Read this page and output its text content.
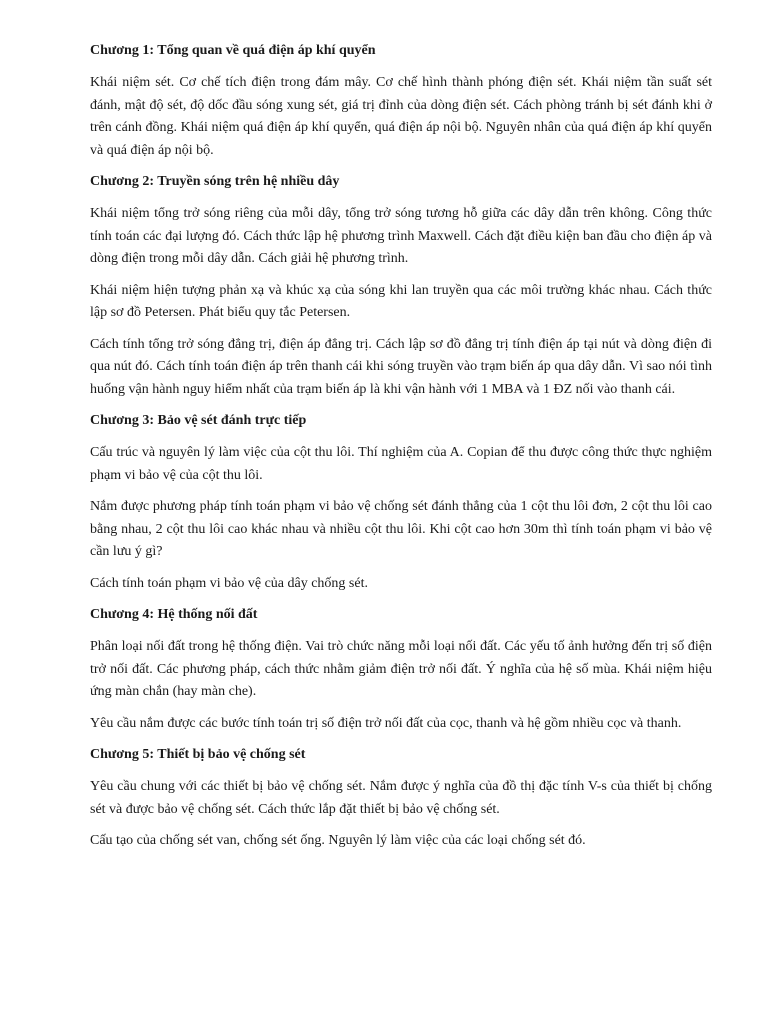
Chương 1: Tổng quan về quá điện áp khí quyển

Khái niệm sét. Cơ chế tích điện trong đám mây. Cơ chế hình thành phóng điện sét. Khái niệm tần suất sét đánh, mật độ sét, độ dốc đầu sóng xung sét, giá trị đỉnh của dòng điện sét. Cách phòng tránh bị sét đánh khi ở trên cánh đồng. Khái niệm quá điện áp khí quyển, quá điện áp nội bộ. Nguyên nhân của quá điện áp khí quyển và quá điện áp nội bộ.

Chương 2: Truyền sóng trên hệ nhiều dây

Khái niệm tổng trở sóng riêng của mỗi dây, tổng trở sóng tương hỗ giữa các dây dẫn trên không. Công thức tính toán các đại lượng đó. Cách thức lập hệ phương trình Maxwell. Cách đặt điều kiện ban đầu cho điện áp và dòng điện trong mỗi dây dẫn. Cách giải hệ phương trình.

Khái niệm hiện tượng phản xạ và khúc xạ của sóng khi lan truyền qua các môi trường khác nhau. Cách thức lập sơ đồ Petersen. Phát biểu quy tắc Petersen.

Cách tính tổng trở sóng đẳng trị, điện áp đẳng trị. Cách lập sơ đồ đẳng trị tính điện áp tại nút và dòng điện đi qua nút đó. Cách tính toán điện áp trên thanh cái khi sóng truyền vào trạm biến áp qua dây dẫn. Vì sao nói tình huống vận hành nguy hiểm nhất của trạm biến áp là khi vận hành với 1 MBA và 1 ĐZ nối vào thanh cái.

Chương 3: Bảo vệ sét đánh trực tiếp

Cấu trúc và nguyên lý làm việc của cột thu lôi. Thí nghiệm của A. Copian để thu được công thức thực nghiệm phạm vi bảo vệ của cột thu lôi.

Nắm được phương pháp tính toán phạm vi bảo vệ chống sét đánh thẳng của 1 cột thu lôi đơn, 2 cột thu lôi cao bằng nhau, 2 cột thu lôi cao khác nhau và nhiều cột thu lôi. Khi cột cao hơn 30m thì tính toán phạm vi bảo vệ cần lưu ý gì?

Cách tính toán phạm vi bảo vệ của dây chống sét.

Chương 4: Hệ thống nối đất

Phân loại nối đất trong hệ thống điện. Vai trò chức năng mỗi loại nối đất. Các yếu tố ảnh hưởng đến trị số điện trở nối đất. Các phương pháp, cách thức nhằm giảm điện trở nối đất. Ý nghĩa của hệ số mùa. Khái niệm hiệu ứng màn chắn (hay màn che).

Yêu cầu nắm được các bước tính toán trị số điện trở nối đất của cọc, thanh và hệ gồm nhiều cọc và thanh.

Chương 5: Thiết bị bảo vệ chống sét

Yêu cầu chung với các thiết bị bảo vệ chống sét. Nắm được ý nghĩa của đồ thị đặc tính V-s của thiết bị chống sét và được bảo vệ chống sét. Cách thức lắp đặt thiết bị bảo vệ chống sét.

Cấu tạo của chống sét van, chống sét ống. Nguyên lý làm việc của các loại chống sét đó.
